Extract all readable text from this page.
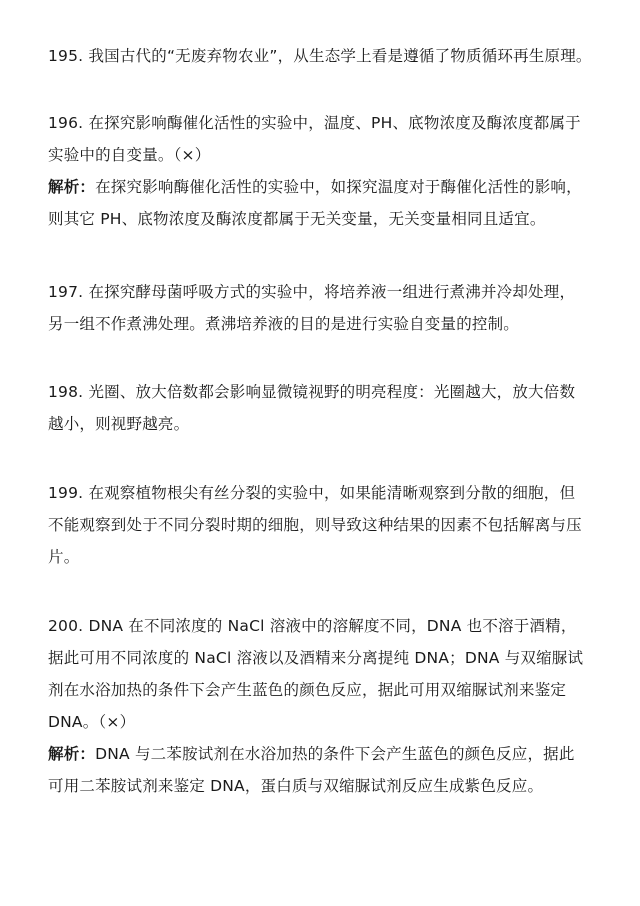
195. 我国古代的“无废弃物农业”，从生态学上看是遵循了物质循环再生原理。
196. 在探究影响酶催化活性的实验中，温度、PH、底物浓度及酶浓度都属于
实验中的自变量。（×）
解析：在探究影响酶催化活性的实验中，如探究温度对于酶催化活性的影响，
则其它 PH、底物浓度及酶浓度都属于无关变量，无关变量相同且适宜。
197. 在探究酵母菌呼吸方式的实验中，将培养液一组进行煮沸并冷却处理，
另一组不作煮沸处理。煮沸培养液的目的是进行实验自变量的控制。
198. 光圈、放大倍数都会影响显微镜视野的明亮程度：光圈越大，放大倍数
越小，则视野越亮。
199. 在观察植物根尖有丝分裂的实验中，如果能清晰观察到分散的细胞，但
不能观察到处于不同分裂时期的细胞，则导致这种结果的因素不包括解离与压
片。
200. DNA 在不同浓度的 NaCl 溶液中的溶解度不同，DNA 也不溶于酒精，
据此可用不同浓度的 NaCl 溶液以及酒精来分离提纯 DNA；DNA 与双缩脲试
剂在水浴加热的条件下会产生蓝色的颜色反应，据此可用双缩脲试剂来鉴定
DNA。（×）
解析：DNA 与二苯胺试剂在水浴加热的条件下会产生蓝色的颜色反应，据此
可用二苯胺试剂来鉴定 DNA，蛋白质与双缩脲试剂反应生成紫色反应。
